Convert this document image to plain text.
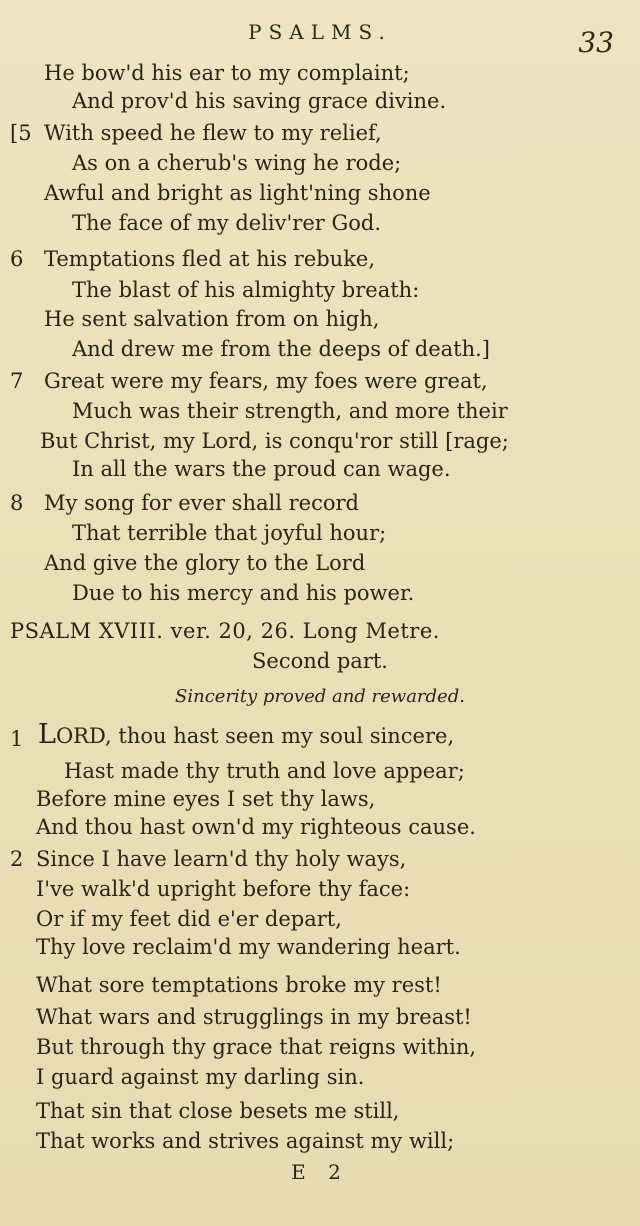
PSALMS.	33
He bow'd his ear to my complaint;
And prov'd his saving grace divine.
[5 With speed he flew to my relief,
As on a cherub's wing he rode;
Awful and bright as light'ning shone
The face of my deliv'rer God.
6 Temptations fled at his rebuke,
The blast of his almighty breath:
He sent salvation from on high,
And drew me from the deeps of death.]
7 Great were my fears, my foes were great,
Much was their strength, and more their
But Christ, my Lord, is conqu'ror still [rage;
In all the wars the proud can wage.
8 My song for ever shall record
That terrible that joyful hour;
And give the glory to the Lord
Due to his mercy and his power.
PSALM XVIII. ver. 20, 26. Long Metre.
Second part.
Sincerity proved and rewarded.
1 LORD, thou hast seen my soul sincere,
Hast made thy truth and love appear;
Before mine eyes I set thy laws,
And thou hast own'd my righteous cause.
2 Since I have learn'd thy holy ways,
I've walk'd upright before thy face:
Or if my feet did e'er depart,
Thy love reclaim'd my wandering heart.
What sore temptations broke my rest!
What wars and strugglings in my breast!
But through thy grace that reigns within,
I guard against my darling sin.
That sin that close besets me still,
That works and strives against my will;
E 2
